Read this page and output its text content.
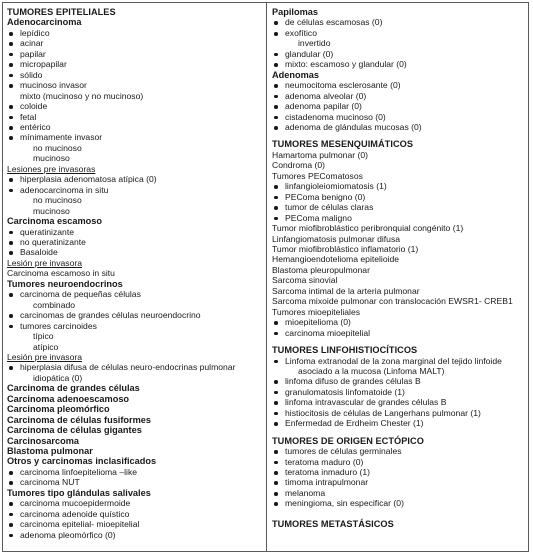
TUMORES EPITELIALES
Adenocarcinoma
lepídico
acinar
papilar
micropapilar
sólido
mucinoso invasor
mixto (mucinoso y no mucinoso)
coloide
fetal
entérico
mínimamente invasor
no mucinoso
mucinoso
Lesiones pre invasoras
hiperplasia adenomatosa atípica (0)
adenocarcinoma in situ
no mucinoso
mucinoso
Carcinoma escamoso
queratinizante
no queratinizante
Basaloide
Lesión pre invasora
Carcinoma escamoso in situ
Tumores neuroendocrinos
carcinoma de pequeñas células
combinado
carcinomas de grandes células neuroendocrino
tumores carcinoides
típico
atípico
Lesión pre invasora
hiperplasia difusa de células neuro-endocrinas pulmonar
idiopática (0)
Carcinoma de grandes células
Carcinoma adenoescamoso
Carcinoma pleomórfico
Carcinoma de células fusiformes
Carcinoma de células gigantes
Carcinosarcoma
Blastoma pulmonar
Otros y carcinomas inclasificados
carcinoma linfoepitelioma –like
carcinoma NUT
Tumores tipo glándulas salivales
carcinoma mucoepidermoide
carcinoma adenoide quístico
carcinoma epitelial- mioepitelial
adenoma pleomórfico (0)
Papilomas
de células escamosas (0)
exofítico
invertido
glandular (0)
mixto: escamoso y glandular (0)
Adenomas
neumocitoma esclerosante (0)
adenoma alveolar (0)
adenoma papilar (0)
cistadenoma mucinoso (0)
adenoma de glándulas mucosas (0)
TUMORES MESENQUIMÁTICOS
Hamartoma pulmonar (0)
Condroma (0)
Tumores PEComatosos
linfangioleiomiomatosis (1)
PEComa benigno (0)
tumor de células claras
PEComa maligno
Tumor miofibroblástico peribronquial congénito (1)
Linfangiomatosis pulmonar difusa
Tumor miofibroblástico inflamatorio (1)
Hemangioendotelioma epitelioide
Blastoma pleuropulmonar
Sarcoma sinovial
Sarcoma intimal de la arteria pulmonar
Sarcoma mixoide pulmonar con translocación EWSR1- CREB1
Tumores mioepiteliales
mioepitelioma (0)
carcinoma mioepitelial
TUMORES LINFOHISTIOCÍTICOS
Linfoma extranodal de la zona marginal del tejido linfoide
asociado a la mucosa (Linfoma MALT)
linfoma difuso de grandes células B
granulomatosis linfomatoide (1)
linfoma intravascular de grandes células B
histiocitosis de células de Langerhans pulmonar (1)
Enfermedad de Erdheim Chester (1)
TUMORES DE ORIGEN ECTÓPICO
tumores de células germinales
teratoma maduro (0)
teratoma inmaduro (1)
timoma intrapulmonar
melanoma
meningioma, sin especificar (0)
TUMORES METASTÁSICOS
